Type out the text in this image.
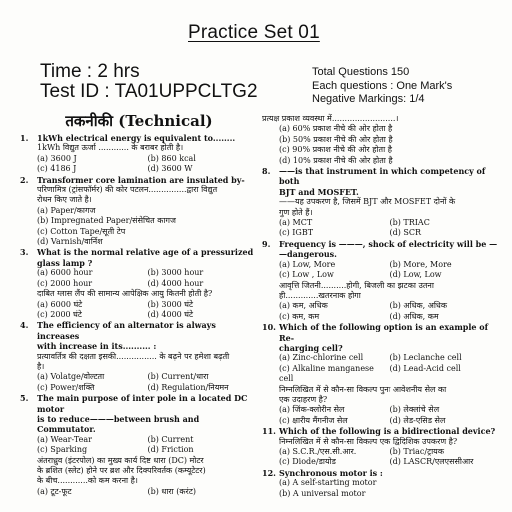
Practice Set 01
Time : 2 hrs
Test ID : TA01UPPCLTG2
Total Questions 150
Each questions : One Mark's
Negative Markings: 1/4
तकनीकी (Technical)
1.	1kWh electrical energy is equivalent to........
1kWh विद्युत ऊर्जा ............ के बराबर होती है।
(a) 3600 J	(b) 860 kcal
(c) 4186 J	(d) 3600 W
2.	Transformer core lamination are insulated by-
परिणामित्र (ट्रांसफॉर्मर) की कोर पटलन...............द्वारा विद्युत
रोधन किए जाते है।
(a) Paper/कागज
(b) Impregnated Paper/संसेचित कागज
(c) Cotton Tape/सूती टेप
(d) Varnish/वार्निश
3.	What is the normal relative age of a pressurized
glass lamp ?
(a) 6000 hour	(b) 3000 hour
(c) 2000 hour	(d) 4000 hour
दाबित ग्लास लैंप की सामान्य आपेक्षिक आयु कितनी होती है?
(a) 6000 घंटे	(b) 3000 घंटे
(c) 2000 घंटे	(d) 4000 घंटे
4.	The efficiency of an alternator is always increases
with increase in its.......... :
प्रत्यावर्तित्र की दक्षता इसकी................ के बढ़ने पर हमेशा बढ़ती
है।
(a) Volatge/वोल्टता	(b) Current/धारा
(c) Power/शक्ति	(d) Regulation/नियमन
5.	The main purpose of inter pole in a located DC motor
is to reduce———between brush and Commutator.
(a) Wear-Tear	(b) Current
(c) Sparking	(d) Friction
अंतराध्रुव (इंटरपोल) का मुख्य कार्य दिष्ट धारा (DC) मोटर
के ब्रशित (स्लेट) होने पर ब्रश और दिक्परिवर्तक (कम्यूटेटर)
के बीच............को कम करना है।
(a) टूट-फूट	(b) धारा (करंट)
प्रत्यक्ष प्रकाश व्यवस्था में.........................।
(a) 60% प्रकाश नीचे की ओर होता है
(b) 50% प्रकाश नीचे की ओर होता है
(c) 90% प्रकाश नीचे की ओर होता है
(d) 10% प्रकाश नीचे की ओर होता है
8.	——is that instrument in which competency of both
BJT and MOSFET.
——यह उपकरण है, जिसमें BJT और MOSFET दोनों के
गुण होते हैं।
(a) MCT	(b) TRIAC
(c) IGBT	(d) SCR
9.	Frequency is ———, shock of electricity will be —
—dangerous.
(a) Low, More	(b) More, More
(c) Low , Low	(d) Low, Low
आवृत्ति जितनी..........होगी, बिजली का झटका उतना
ही.............खतरनाक होगा
(a) कम, अधिक	(b) अधिक, अधिक
(c) कम, कम	(d) अधिक, कम
10. Which of the following option is an example of Re-
charging cell?
(a) Zinc-chlorine cell	(b) Leclanche cell
(c) Alkaline manganese cell
(d) Lead-Acid cell
निम्नलिखित में से कौन-सा विकल्प पुनः आवेशनीय सेल का
एक उदाहरण है?
(a) जिंक-क्लोरीन सेल	(b) लेक्लांचे सेल
(c) क्षारीय मैंगनीज सेल	(d) लेड-एसिड सेल
11. Which of the following is a bidirectional device?
निम्नलिखित में से कौन-सा विकल्प एक द्विदिशिक उपकरण है?
(a) S.C.R./एस.सी.आर.	(b) Triac/ट्रायक
(c) Diode/डायोड	(d) LASCR/एलएससीआर
12. Synchronous motor is :
(a) A self-starting motor
(b) A universal motor
